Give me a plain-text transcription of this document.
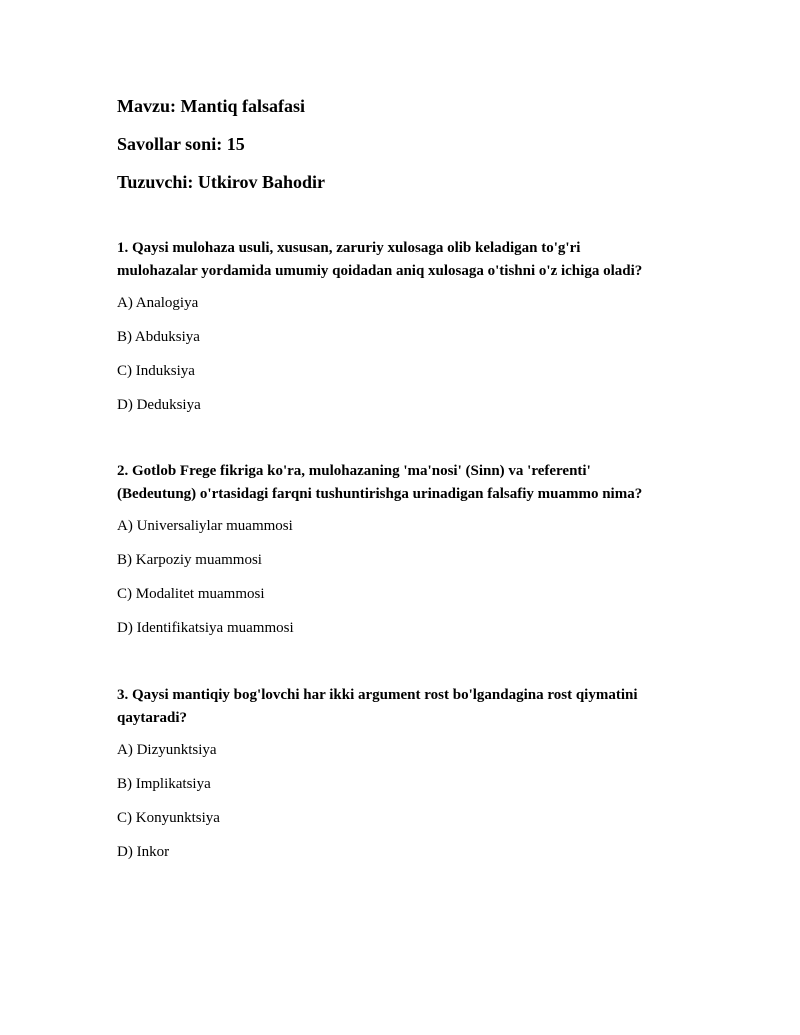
Mavzu: Mantiq falsafasi
Savollar soni: 15
Tuzuvchi: Utkirov Bahodir

1. Qaysi mulohaza usuli, xususan, zaruriy xulosaga olib keladigan to'g'ri
mulohazalar yordamida umumiy qoidadan aniq xulosaga o'tishni o'z ichiga oladi?

A) Analogiya
B) Abduksiya
C) Induksiya
D) Deduksiya

2. Gotlob Frege fikriga ko'ra, mulohazaning 'ma'nosi' (Sinn) va 'referenti'
(Bedeutung) o'rtasidagi farqni tushuntirishga urinadigan falsafiy muammo nima?

A) Universaliylar muammosi
B) Karpoziy muammosi
C) Modalitet muammosi
D) Identifikatsiya muammosi

3. Qaysi mantiqiy bog'lovchi har ikki argument rost bo'lgandagina rost qiymatini
qaytaradi?

A) Dizyunktsiya
B) Implikatsiya
C) Konyunktsiya
D) Inkor
